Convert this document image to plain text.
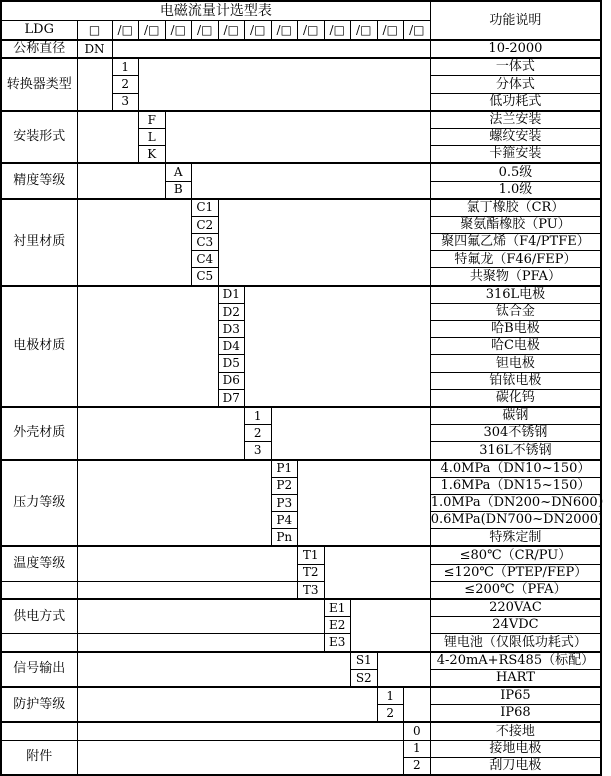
电磁流量计选型表														功能说明
LDG	□	/□	/□	/□	/□	/□	/□	/□	/□	/□	/□	/□	/□	
公称直径	DN													10-2000
转换器类型		1												一体式
		2												分体式
		3												低功耗式
安装形式			F											法兰安装
			L											螺纹安装
			K											卡箍安装
精度等级				A										0.5级
				B										1.0级
衬里材质					C1									氯丁橡胶（CR）
					C2									聚氨酯橡胶（PU）
					C3									聚四氟乙烯（F4/PTFE）
					C4									特氟龙（F46/FEP）
					C5									共聚物（PFA）
电极材质						D1								316L电极
						D2								钛合金
						D3								哈B电极
						D4								哈C电极
						D5								钽电极
						D6								铂铱电极
						D7								碳化钨
外壳材质							1							碳钢
							2							304不锈钢
							3							316L不锈钢
压力等级								P1						4.0MPa（DN10~150）
								P2						1.6MPa（DN15~150）
								P3						1.0MPa（DN200~DN600）
								P4						0.6MPa(DN700~DN2000)
								Pn						特殊定制
温度等级									T1					≤80℃（CR/PU）
									T2					≤120℃（PTEP/FEP）
									T3					≤200℃（PFA）
供电方式										E1				220VAC
										E2				24VDC
										E3				锂电池（仅限低功耗式）
信号输出											S1			4-20mA+RS485（标配）
											S2			HART
防护等级												1		IP65
												2		IP68
													0	不接地
附件													1	接地电极
													2	刮刀电极
